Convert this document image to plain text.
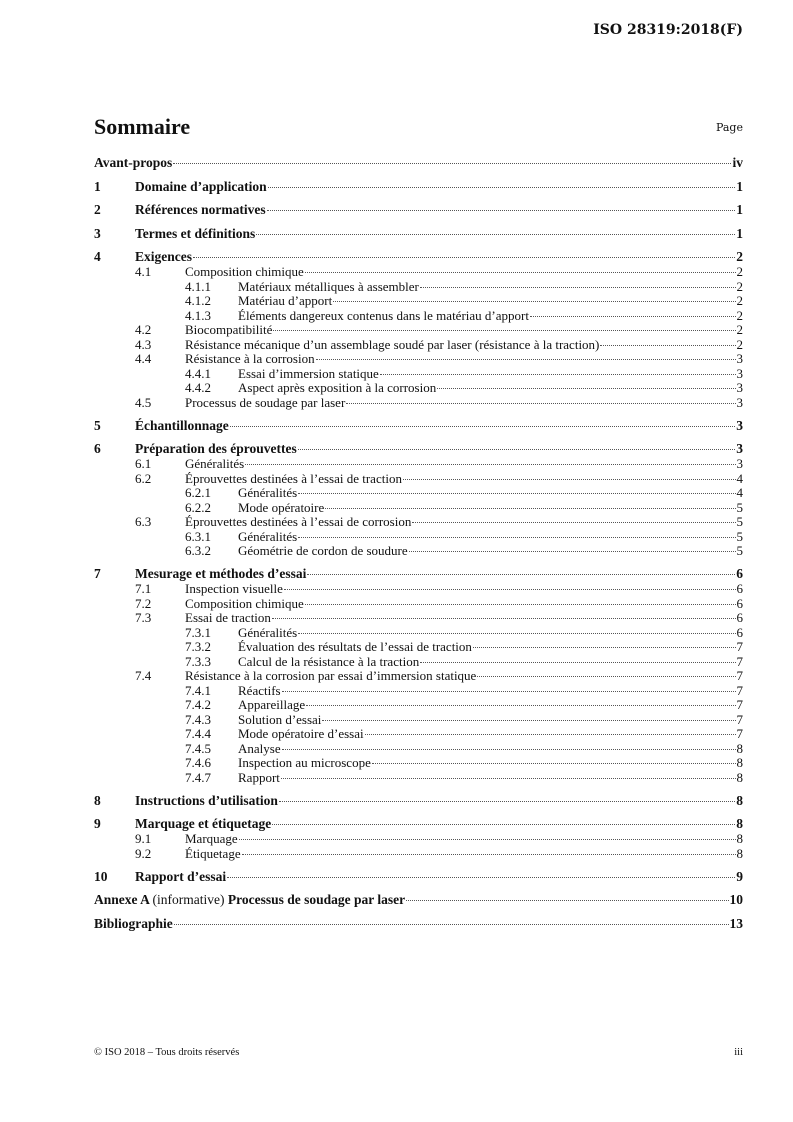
ISO 28319:2018(F)
Sommaire	Page
Avant-propos	iv
1	Domaine d’application	1
2	Références normatives	1
3	Termes et définitions	1
4	Exigences	2
4.1	Composition chimique	2
4.1.1	Matériaux métalliques à assembler	2
4.1.2	Matériau d’apport	2
4.1.3	Éléments dangereux contenus dans le matériau d’apport	2
4.2	Biocompatibilité	2
4.3	Résistance mécanique d’un assemblage soudé par laser (résistance à la traction)	2
4.4	Résistance à la corrosion	3
4.4.1	Essai d’immersion statique	3
4.4.2	Aspect après exposition à la corrosion	3
4.5	Processus de soudage par laser	3
5	Échantillonnage	3
6	Préparation des éprouvettes	3
6.1	Généralités	3
6.2	Éprouvettes destinées à l’essai de traction	4
6.2.1	Généralités	4
6.2.2	Mode opératoire	5
6.3	Éprouvettes destinées à l’essai de corrosion	5
6.3.1	Généralités	5
6.3.2	Géométrie de cordon de soudure	5
7	Mesurage et méthodes d’essai	6
7.1	Inspection visuelle	6
7.2	Composition chimique	6
7.3	Essai de traction	6
7.3.1	Généralités	6
7.3.2	Évaluation des résultats de l’essai de traction	7
7.3.3	Calcul de la résistance à la traction	7
7.4	Résistance à la corrosion par essai d’immersion statique	7
7.4.1	Réactifs	7
7.4.2	Appareillage	7
7.4.3	Solution d’essai	7
7.4.4	Mode opératoire d’essai	7
7.4.5	Analyse	8
7.4.6	Inspection au microscope	8
7.4.7	Rapport	8
8	Instructions d’utilisation	8
9	Marquage et étiquetage	8
9.1	Marquage	8
9.2	Étiquetage	8
10	Rapport d’essai	9
Annexe A (informative) Processus de soudage par laser	10
Bibliographie	13
© ISO 2018 – Tous droits réservés	iii
